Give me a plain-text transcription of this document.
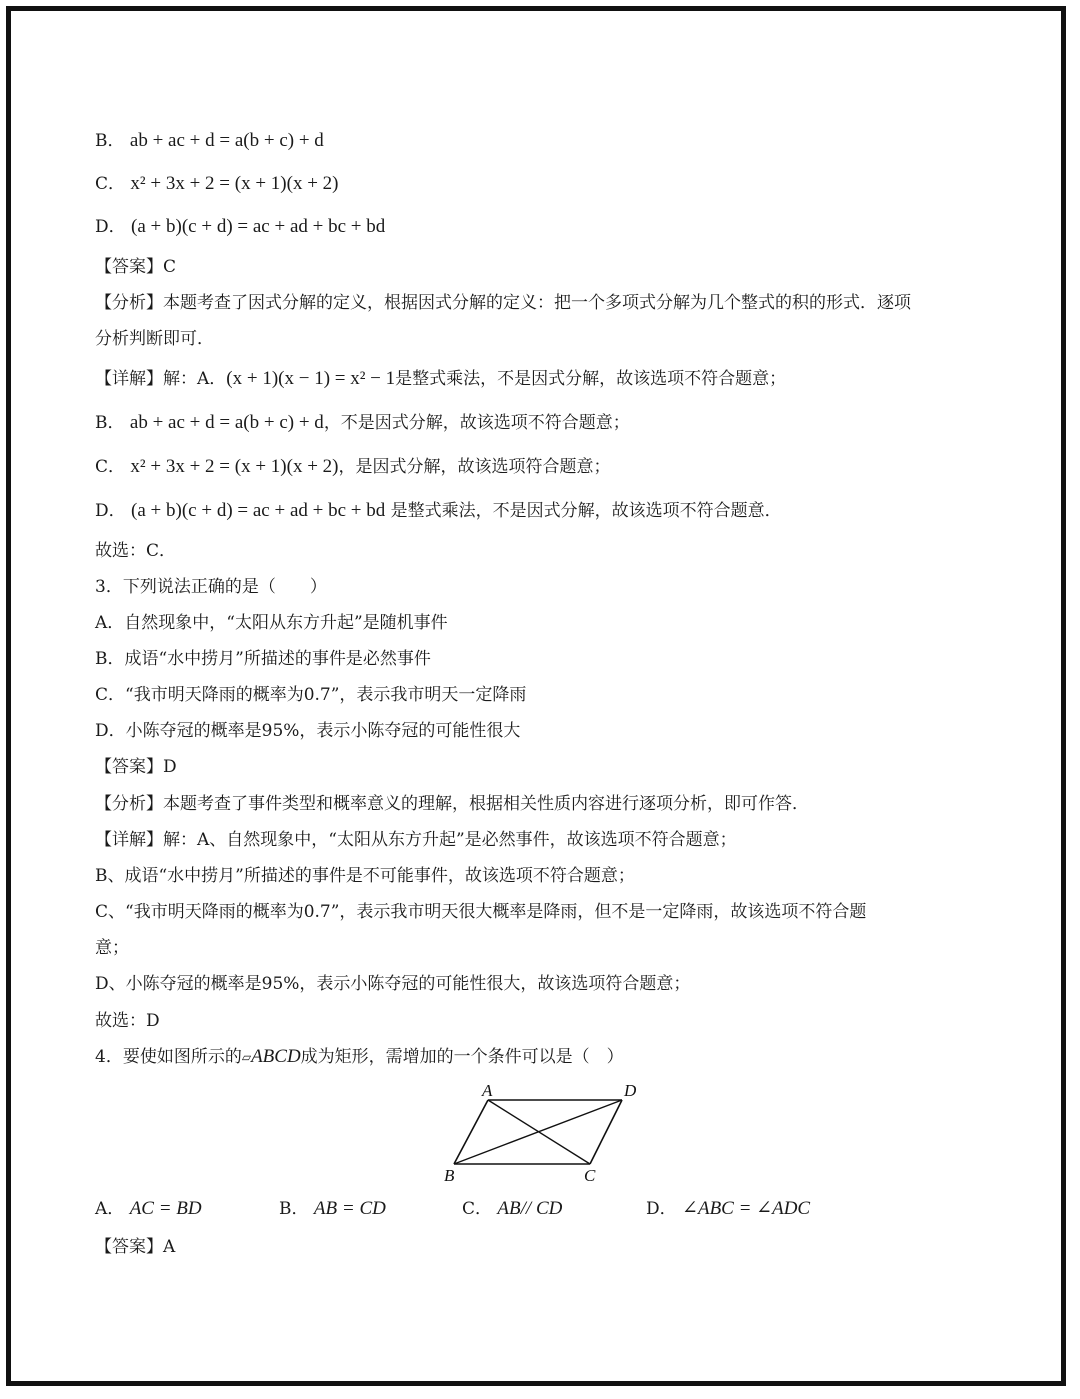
B． ab + ac + d = a(b + c) + d
C． x² + 3x + 2 = (x + 1)(x + 2)
D． (a + b)(c + d) = ac + ad + bc + bd
【答案】C
【分析】本题考查了因式分解的定义，根据因式分解的定义：把一个多项式分解为几个整式的积的形式．逐项
分析判断即可．
【详解】解：A．(x + 1)(x − 1) = x² − 1是整式乘法，不是因式分解，故该选项不符合题意；
B． ab + ac + d = a(b + c) + d，不是因式分解，故该选项不符合题意；
C． x² + 3x + 2 = (x + 1)(x + 2)，是因式分解，故该选项符合题意；
D． (a + b)(c + d) = ac + ad + bc + bd 是整式乘法，不是因式分解，故该选项不符合题意．
故选：C．
3．下列说法正确的是（　　）
A．自然现象中，“太阳从东方升起”是随机事件
B．成语“水中捞月”所描述的事件是必然事件
C．“我市明天降雨的概率为0.7”，表示我市明天一定降雨
D．小陈夺冠的概率是95%，表示小陈夺冠的可能性很大
【答案】D
【分析】本题考查了事件类型和概率意义的理解，根据相关性质内容进行逐项分析，即可作答．
【详解】解：A、自然现象中，“太阳从东方升起”是必然事件，故该选项不符合题意；
B、成语“水中捞月”所描述的事件是不可能事件，故该选项不符合题意；
C、“我市明天降雨的概率为0.7”，表示我市明天很大概率是降雨，但不是一定降雨，故该选项不符合题
意；
D、小陈夺冠的概率是95%，表示小陈夺冠的可能性很大，故该选项符合题意；
故选：D
4．要使如图所示的▱ABCD成为矩形，需增加的一个条件可以是（　）
A	D
B	C
A． AC = BD	B． AB = CD	C． AB// CD	D． ∠ABC = ∠ADC
【答案】A
